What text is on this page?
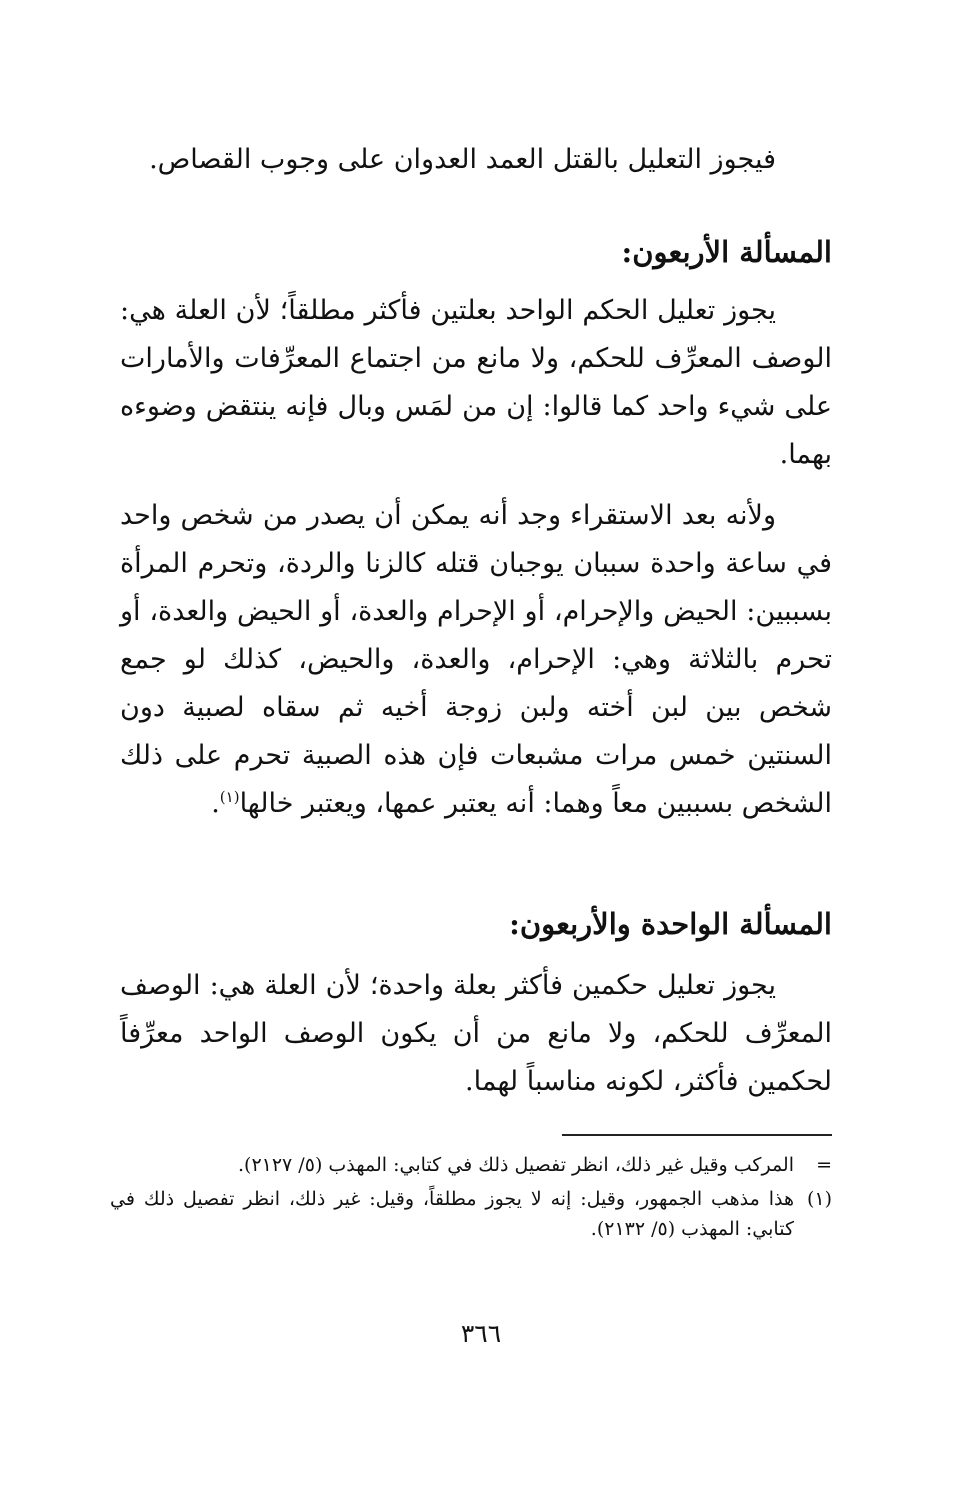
فيجوز التعليل بالقتل العمد العدوان على وجوب القصاص.
المسألة الأربعون:
يجوز تعليل الحكم الواحد بعلتين فأكثر مطلقاً؛ لأن العلة هي: الوصف المعرِّف للحكم، ولا مانع من اجتماع المعرِّفات والأمارات على شيء واحد كما قالوا: إن من لمَس وبال فإنه ينتقض وضوءه بهما.
ولأنه بعد الاستقراء وجد أنه يمكن أن يصدر من شخص واحد في ساعة واحدة سببان يوجبان قتله كالزنا والردة، وتحرم المرأة بسببين: الحيض والإحرام، أو الإحرام والعدة، أو الحيض والعدة، أو تحرم بالثلاثة وهي: الإحرام، والعدة، والحيض، كذلك لو جمع شخص بين لبن أخته ولبن زوجة أخيه ثم سقاه لصبية دون السنتين خمس مرات مشبعات فإن هذه الصبية تحرم على ذلك الشخص بسببين معاً وهما: أنه يعتبر عمها، ويعتبر خالها$^{(١)}$.
المسألة الواحدة والأربعون:
يجوز تعليل حكمين فأكثر بعلة واحدة؛ لأن العلة هي: الوصف المعرِّف للحكم، ولا مانع من أن يكون الوصف الواحد معرِّفاً لحكمين فأكثر، لكونه مناسباً لهما.
=
المركب وقيل غير ذلك، انظر تفصيل ذلك في كتابي: المهذب (٥/ ٢١٢٧).
(١)
هذا مذهب الجمهور، وقيل: إنه لا يجوز مطلقاً، وقيل: غير ذلك، انظر تفصيل ذلك في كتابي: المهذب (٥/ ٢١٣٢).
٣٦٦
